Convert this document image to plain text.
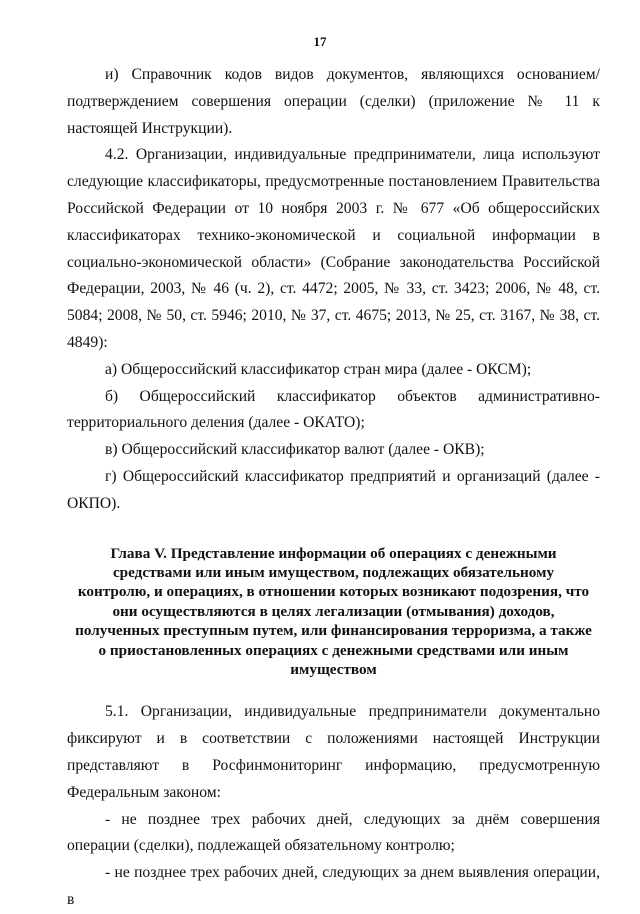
17

и) Справочник кодов видов документов, являющихся основанием/подтверждением совершения операции (сделки) (приложение № 11 к настоящей Инструкции).

4.2. Организации, индивидуальные предприниматели, лица используют следующие классификаторы, предусмотренные постановлением Правительства Российской Федерации от 10 ноября 2003 г. № 677 «Об общероссийских классификаторах технико-экономической и социальной информации в социально-экономической области» (Собрание законодательства Российской Федерации, 2003, № 46 (ч. 2), ст. 4472; 2005, № 33, ст. 3423; 2006, № 48, ст. 5084; 2008, № 50, ст. 5946; 2010, № 37, ст. 4675; 2013, № 25, ст. 3167, № 38, ст. 4849):

а) Общероссийский классификатор стран мира (далее - ОКСМ);

б) Общероссийский классификатор объектов административно-территориального деления (далее - ОКАТО);

в) Общероссийский классификатор валют (далее - ОКВ);

г) Общероссийский классификатор предприятий и организаций (далее - ОКПО).

Глава V. Представление информации об операциях с денежными средствами или иным имуществом, подлежащих обязательному контролю, и операциях, в отношении которых возникают подозрения, что они осуществляются в целях легализации (отмывания) доходов, полученных преступным путем, или финансирования терроризма, а также о приостановленных операциях с денежными средствами или иным имуществом

5.1. Организации, индивидуальные предприниматели документально фиксируют и в соответствии с положениями настоящей Инструкции представляют в Росфинмониторинг информацию, предусмотренную Федеральным законом:

- не позднее трех рабочих дней, следующих за днём совершения операции (сделки), подлежащей обязательному контролю;

- не позднее трех рабочих дней, следующих за днем выявления операции, в
